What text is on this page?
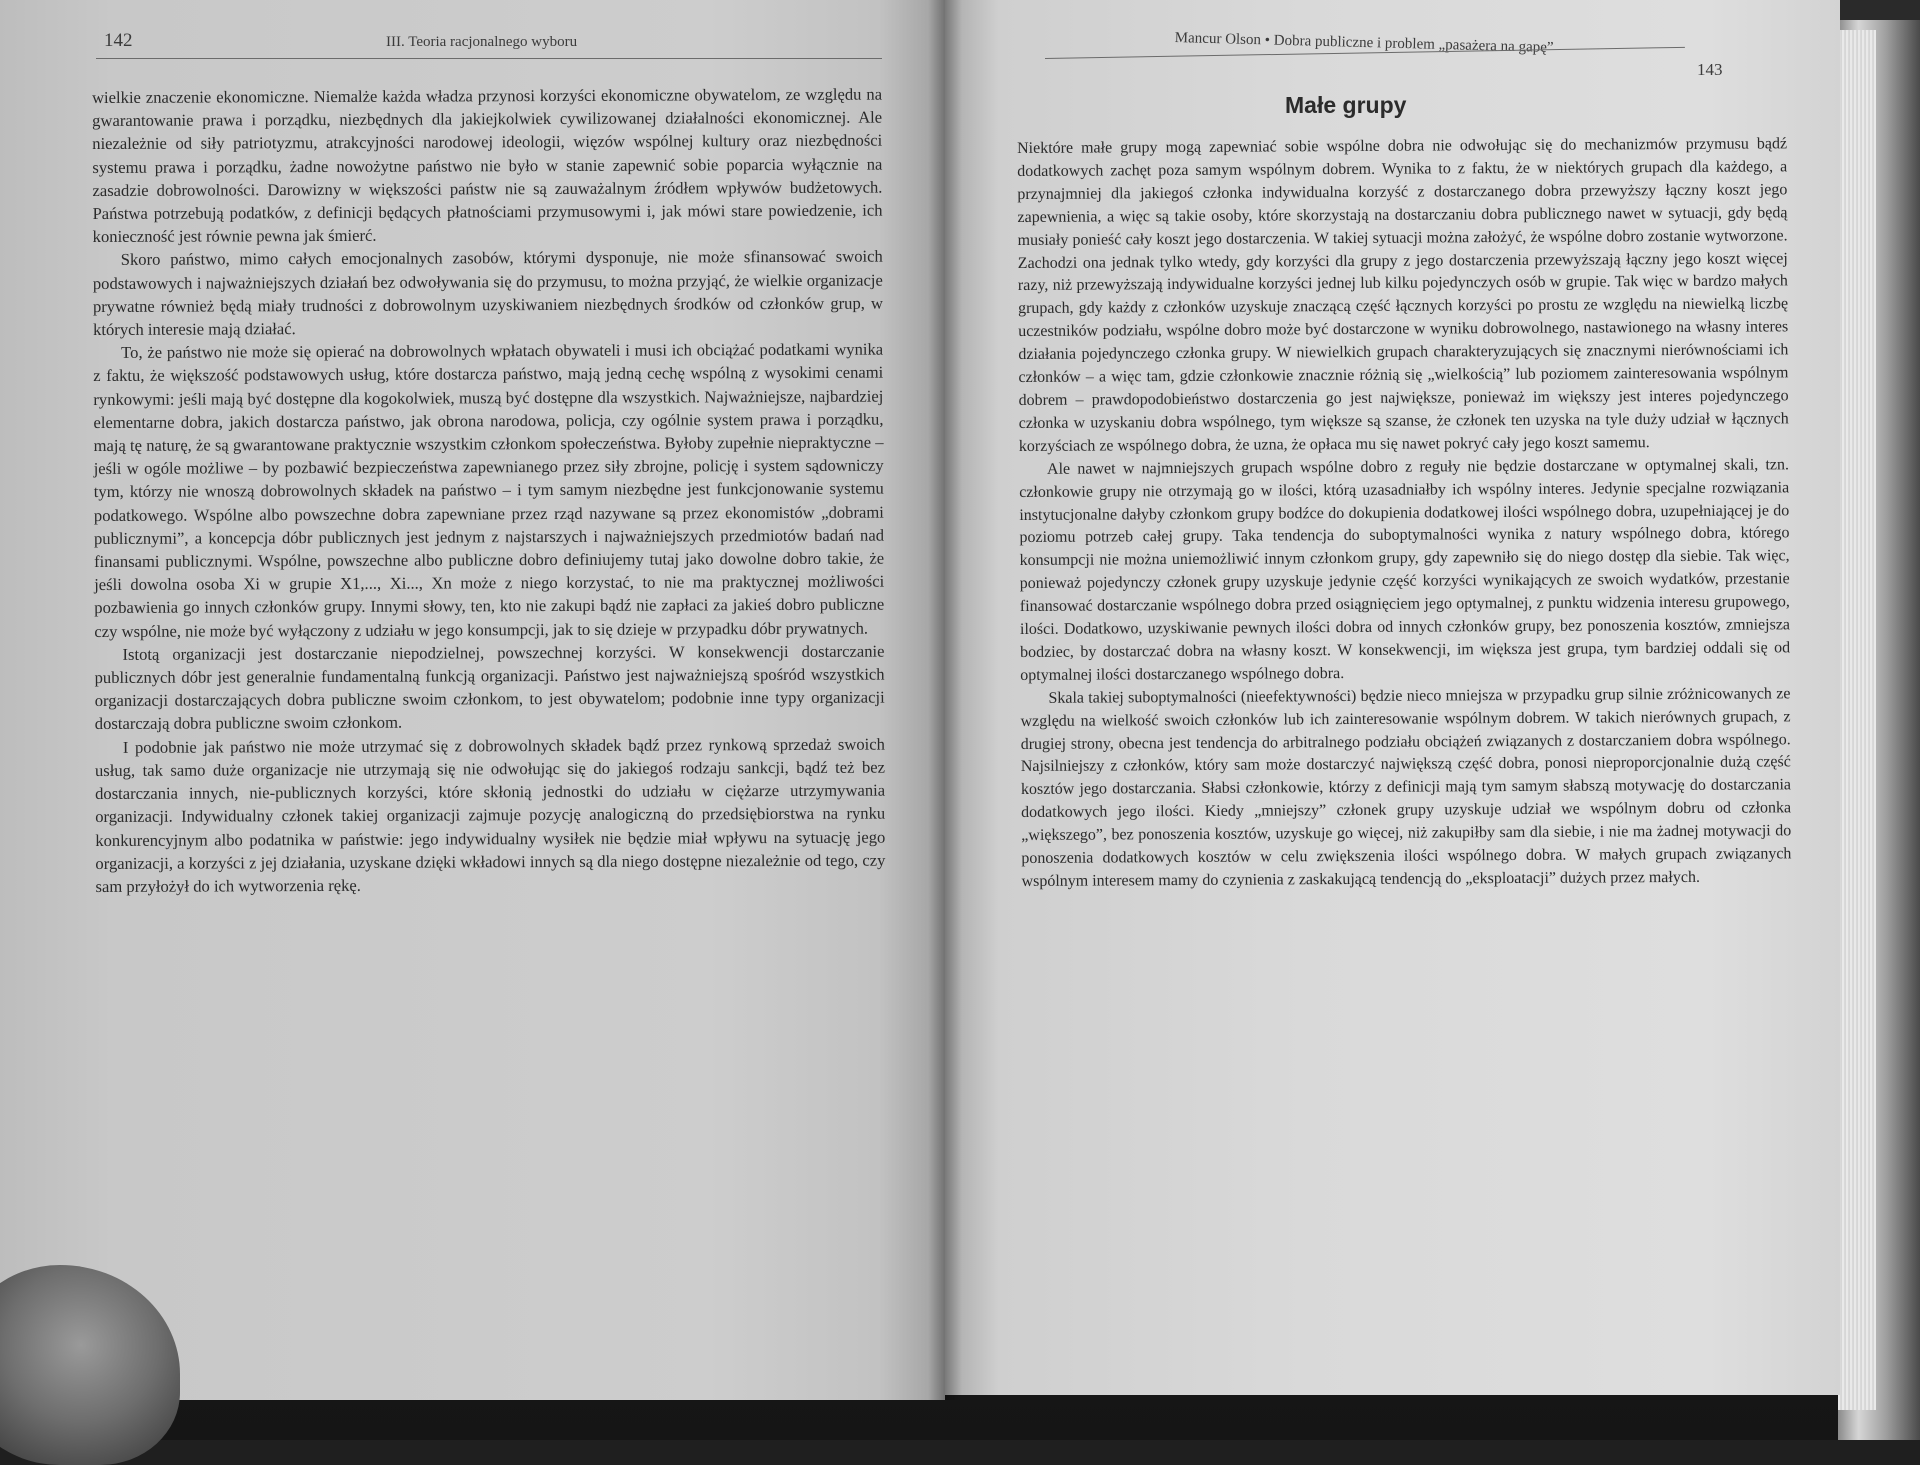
142	III. Teoria racjonalnego wyboru

wielkie znaczenie ekonomiczne. Niemalże każda władza przynosi korzyści ekonomiczne obywatelom, ze względu na gwarantowanie prawa i porządku, niezbędnych dla jakiejkolwiek cywilizowanej działalności ekonomicznej. Ale niezależnie od siły patriotyzmu, atrakcyjności narodowej ideologii, więzów wspólnej kultury oraz niezbędności systemu prawa i porządku, żadne nowożytne państwo nie było w stanie zapewnić sobie poparcia wyłącznie na zasadzie dobrowolności. Darowizny w większości państw nie są zauważalnym źródłem wpływów budżetowych. Państwa potrzebują podatków, z definicji będących płatnościami przymusowymi i, jak mówi stare powiedzenie, ich konieczność jest równie pewna jak śmierć.

Skoro państwo, mimo całych emocjonalnych zasobów, którymi dysponuje, nie może sfinansować swoich podstawowych i najważniejszych działań bez odwoływania się do przymusu, to można przyjąć, że wielkie organizacje prywatne również będą miały trudności z dobrowolnym uzyskiwaniem niezbędnych środków od członków grup, w których interesie mają działać.

To, że państwo nie może się opierać na dobrowolnych wpłatach obywateli i musi ich obciążać podatkami wynika z faktu, że większość podstawowych usług, które dostarcza państwo, mają jedną cechę wspólną z wysokimi cenami rynkowymi: jeśli mają być dostępne dla kogokolwiek, muszą być dostępne dla wszystkich. Najważniejsze, najbardziej elementarne dobra, jakich dostarcza państwo, jak obrona narodowa, policja, czy ogólnie system prawa i porządku, mają tę naturę, że są gwarantowane praktycznie wszystkim członkom społeczeństwa. Byłoby zupełnie niepraktyczne – jeśli w ogóle możliwe – by pozbawić bezpieczeństwa zapewnianego przez siły zbrojne, policję i system sądowniczy tym, którzy nie wnoszą dobrowolnych składek na państwo – i tym samym niezbędne jest funkcjonowanie systemu podatkowego. Wspólne albo powszechne dobra zapewniane przez rząd nazywane są przez ekonomistów „dobrami publicznymi”, a koncepcja dóbr publicznych jest jednym z najstarszych i najważniejszych przedmiotów badań nad finansami publicznymi. Wspólne, powszechne albo publiczne dobro definiujemy tutaj jako dowolne dobro takie, że jeśli dowolna osoba Xi w grupie X1,..., Xi..., Xn może z niego korzystać, to nie ma praktycznej możliwości pozbawienia go innych członków grupy. Innymi słowy, ten, kto nie zakupi bądź nie zapłaci za jakieś dobro publiczne czy wspólne, nie może być wyłączony z udziału w jego konsumpcji, jak to się dzieje w przypadku dóbr prywatnych.

Istotą organizacji jest dostarczanie niepodzielnej, powszechnej korzyści. W konsekwencji dostarczanie publicznych dóbr jest generalnie fundamentalną funkcją organizacji. Państwo jest najważniejszą spośród wszystkich organizacji dostarczających dobra publiczne swoim członkom, to jest obywatelom; podobnie inne typy organizacji dostarczają dobra publiczne swoim członkom.

I podobnie jak państwo nie może utrzymać się z dobrowolnych składek bądź przez rynkową sprzedaż swoich usług, tak samo duże organizacje nie utrzymają się nie odwołując się do jakiegoś rodzaju sankcji, bądź też bez dostarczania innych, nie-publicznych korzyści, które skłonią jednostki do udziału w ciężarze utrzymywania organizacji. Indywidualny członek takiej organizacji zajmuje pozycję analogiczną do przedsiębiorstwa na rynku konkurencyjnym albo podatnika w państwie: jego indywidualny wysiłek nie będzie miał wpływu na sytuację jego organizacji, a korzyści z jej działania, uzyskane dzięki wkładowi innych są dla niego dostępne niezależnie od tego, czy sam przyłożył do ich wytworzenia rękę.

Mancur Olson • Dobra publiczne i problem „pasażera na gapę”
143
Małe grupy

Niektóre małe grupy mogą zapewniać sobie wspólne dobra nie odwołując się do mechanizmów przymusu bądź dodatkowych zachęt poza samym wspólnym dobrem. Wynika to z faktu, że w niektórych grupach dla każdego, a przynajmniej dla jakiegoś członka indywidualna korzyść z dostarczanego dobra przewyższy łączny koszt jego zapewnienia, a więc są takie osoby, które skorzystają na dostarczaniu dobra publicznego nawet w sytuacji, gdy będą musiały ponieść cały koszt jego dostarczenia. W takiej sytuacji można założyć, że wspólne dobro zostanie wytworzone. Zachodzi ona jednak tylko wtedy, gdy korzyści dla grupy z jego dostarczenia przewyższają łączny jego koszt więcej razy, niż przewyższają indywidualne korzyści jednej lub kilku pojedynczych osób w grupie. Tak więc w bardzo małych grupach, gdy każdy z członków uzyskuje znaczącą część łącznych korzyści po prostu ze względu na niewielką liczbę uczestników podziału, wspólne dobro może być dostarczone w wyniku dobrowolnego, nastawionego na własny interes działania pojedynczego członka grupy. W niewielkich grupach charakteryzujących się znacznymi nierównościami ich członków – a więc tam, gdzie członkowie znacznie różnią się „wielkością” lub poziomem zainteresowania wspólnym dobrem – prawdopodobieństwo dostarczenia go jest największe, ponieważ im większy jest interes pojedynczego członka w uzyskaniu dobra wspólnego, tym większe są szanse, że członek ten uzyska na tyle duży udział w łącznych korzyściach ze wspólnego dobra, że uzna, że opłaca mu się nawet pokryć cały jego koszt samemu.

Ale nawet w najmniejszych grupach wspólne dobro z reguły nie będzie dostarczane w optymalnej skali, tzn. członkowie grupy nie otrzymają go w ilości, którą uzasadniałby ich wspólny interes. Jedynie specjalne rozwiązania instytucjonalne dałyby członkom grupy bodźce do dokupienia dodatkowej ilości wspólnego dobra, uzupełniającej je do poziomu potrzeb całej grupy. Taka tendencja do suboptymalności wynika z natury wspólnego dobra, którego konsumpcji nie można uniemożliwić innym członkom grupy, gdy zapewniło się do niego dostęp dla siebie. Tak więc, ponieważ pojedynczy członek grupy uzyskuje jedynie część korzyści wynikających ze swoich wydatków, przestanie finansować dostarczanie wspólnego dobra przed osiągnięciem jego optymalnej, z punktu widzenia interesu grupowego, ilości. Dodatkowo, uzyskiwanie pewnych ilości dobra od innych członków grupy, bez ponoszenia kosztów, zmniejsza bodziec, by dostarczać dobra na własny koszt. W konsekwencji, im większa jest grupa, tym bardziej oddali się od optymalnej ilości dostarczanego wspólnego dobra.

Skala takiej suboptymalności (nieefektywności) będzie nieco mniejsza w przypadku grup silnie zróżnicowanych ze względu na wielkość swoich członków lub ich zainteresowanie wspólnym dobrem. W takich nierównych grupach, z drugiej strony, obecna jest tendencja do arbitralnego podziału obciążeń związanych z dostarczaniem dobra wspólnego. Najsilniejszy z członków, który sam może dostarczyć największą część dobra, ponosi nieproporcjonalnie dużą część kosztów jego dostarczania. Słabsi członkowie, którzy z definicji mają tym samym słabszą motywację do dostarczania dodatkowych jego ilości. Kiedy „mniejszy” członek grupy uzyskuje udział we wspólnym dobru od członka „większego”, bez ponoszenia kosztów, uzyskuje go więcej, niż zakupiłby sam dla siebie, i nie ma żadnej motywacji do ponoszenia dodatkowych kosztów w celu zwiększenia ilości wspólnego dobra. W małych grupach związanych wspólnym interesem mamy do czynienia z zaskakującą tendencją do „eksploatacji” dużych przez małych.
